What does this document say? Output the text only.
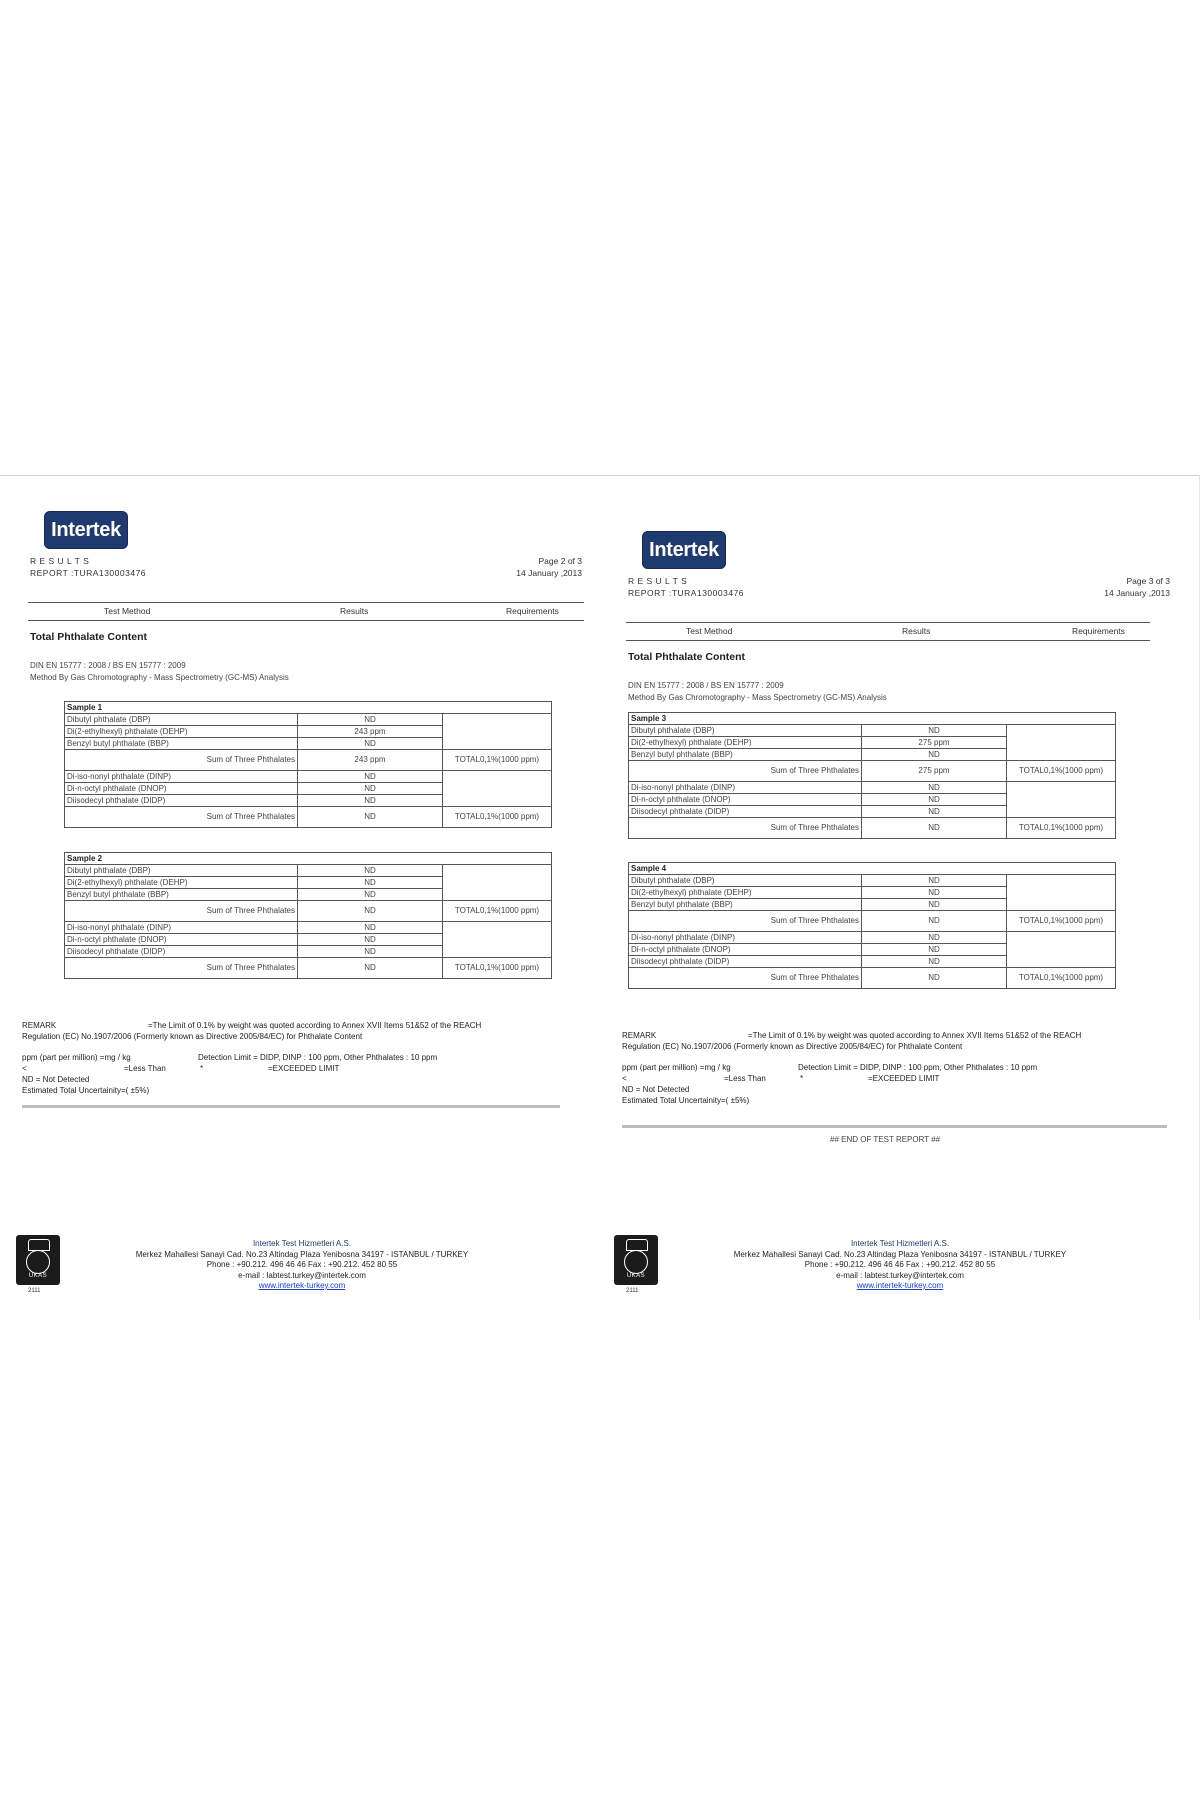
Intertek
R E S U L T S
REPORT :TURA130003476
Page 2 of 3
14 January ,2013
Test Method	Results	Requirements
Total Phthalate Content
DIN EN 15777 : 2008 / BS EN 15777 : 2009
Method By Gas Chromotography - Mass Spectrometry (GC-MS) Analysis
Sample 1		
Dibutyl phthalate (DBP)	ND	
Di(2-ethylhexyl) phthalate (DEHP)	243 ppm	
Benzyl butyl phthalate (BBP)	ND	
Sum of Three Phthalates	243 ppm	TOTAL0,1%(1000 ppm)
Di-iso-nonyl phthalate (DINP)	ND	
Di-n-octyl phthalate (DNOP)	ND	
Diisodecyl phthalate (DIDP)	ND	
Sum of Three Phthalates	ND	TOTAL0,1%(1000 ppm)
Sample 2		
Dibutyl phthalate (DBP)	ND	
Di(2-ethylhexyl) phthalate (DEHP)	ND	
Benzyl butyl phthalate (BBP)	ND	
Sum of Three Phthalates	ND	TOTAL0,1%(1000 ppm)
Di-iso-nonyl phthalate (DINP)	ND	
Di-n-octyl phthalate (DNOP)	ND	
Diisodecyl phthalate (DIDP)	ND	
Sum of Three Phthalates	ND	TOTAL0,1%(1000 ppm)
REMARK	=The Limit of 0.1% by weight was quoted according to Annex XVII Items 51&52 of the REACH
Regulation (EC) No.1907/2006 (Formerly known as Directive 2005/84/EC) for Phthalate Content
ppm (part per million) =mg / kg	Detection Limit = DIDP, DINP : 100 ppm, Other Phthalates : 10 ppm
<	=Less Than	*	=EXCEEDED LIMIT
ND = Not Detected
Estimated Total Uncertainity=( ±5%)
UKAS
2111
Intertek Test Hizmetleri A.S.
Merkez Mahallesi Sanayi Cad. No.23 Altindag Plaza Yenibosna 34197 - ISTANBUL / TURKEY
Phone : +90.212. 496 46 46 Fax : +90.212. 452 80 55
e-mail : labtest.turkey@intertek.com
www.intertek-turkey.com
Intertek
R E S U L T S
REPORT :TURA130003476
Page 3 of 3
14 January ,2013
Test Method	Results	Requirements
Total Phthalate Content
DIN EN 15777 : 2008 / BS EN 15777 : 2009
Method By Gas Chromotography - Mass Spectrometry (GC-MS) Analysis
Sample 3		
Dibutyl phthalate (DBP)	ND	
Di(2-ethylhexyl) phthalate (DEHP)	275 ppm	
Benzyl butyl phthalate (BBP)	ND	
Sum of Three Phthalates	275 ppm	TOTAL0,1%(1000 ppm)
Di-iso-nonyl phthalate (DINP)	ND	
Di-n-octyl phthalate (DNOP)	ND	
Diisodecyl phthalate (DIDP)	ND	
Sum of Three Phthalates	ND	TOTAL0,1%(1000 ppm)
Sample 4		
Dibutyl phthalate (DBP)	ND	
Di(2-ethylhexyl) phthalate (DEHP)	ND	
Benzyl butyl phthalate (BBP)	ND	
Sum of Three Phthalates	ND	TOTAL0,1%(1000 ppm)
Di-iso-nonyl phthalate (DINP)	ND	
Di-n-octyl phthalate (DNOP)	ND	
Diisodecyl phthalate (DIDP)	ND	
Sum of Three Phthalates	ND	TOTAL0,1%(1000 ppm)
REMARK	=The Limit of 0.1% by weight was quoted according to Annex XVII Items 51&52 of the REACH
Regulation (EC) No.1907/2006 (Formerly known as Directive 2005/84/EC) for Phthalate Content
ppm (part per million) =mg / kg	Detection Limit = DIDP, DINP : 100 ppm, Other Phthalates : 10 ppm
<	=Less Than	*	=EXCEEDED LIMIT
ND = Not Detected
Estimated Total Uncertainity=( ±5%)
## END OF TEST REPORT ##
UKAS
2111
Intertek Test Hizmetleri A.S.
Merkez Mahallesi Sanayi Cad. No.23 Altindag Plaza Yenibosna 34197 - ISTANBUL / TURKEY
Phone : +90.212. 496 46 46 Fax : +90.212. 452 80 55
e-mail : labtest.turkey@intertek.com
www.intertek-turkey.com
